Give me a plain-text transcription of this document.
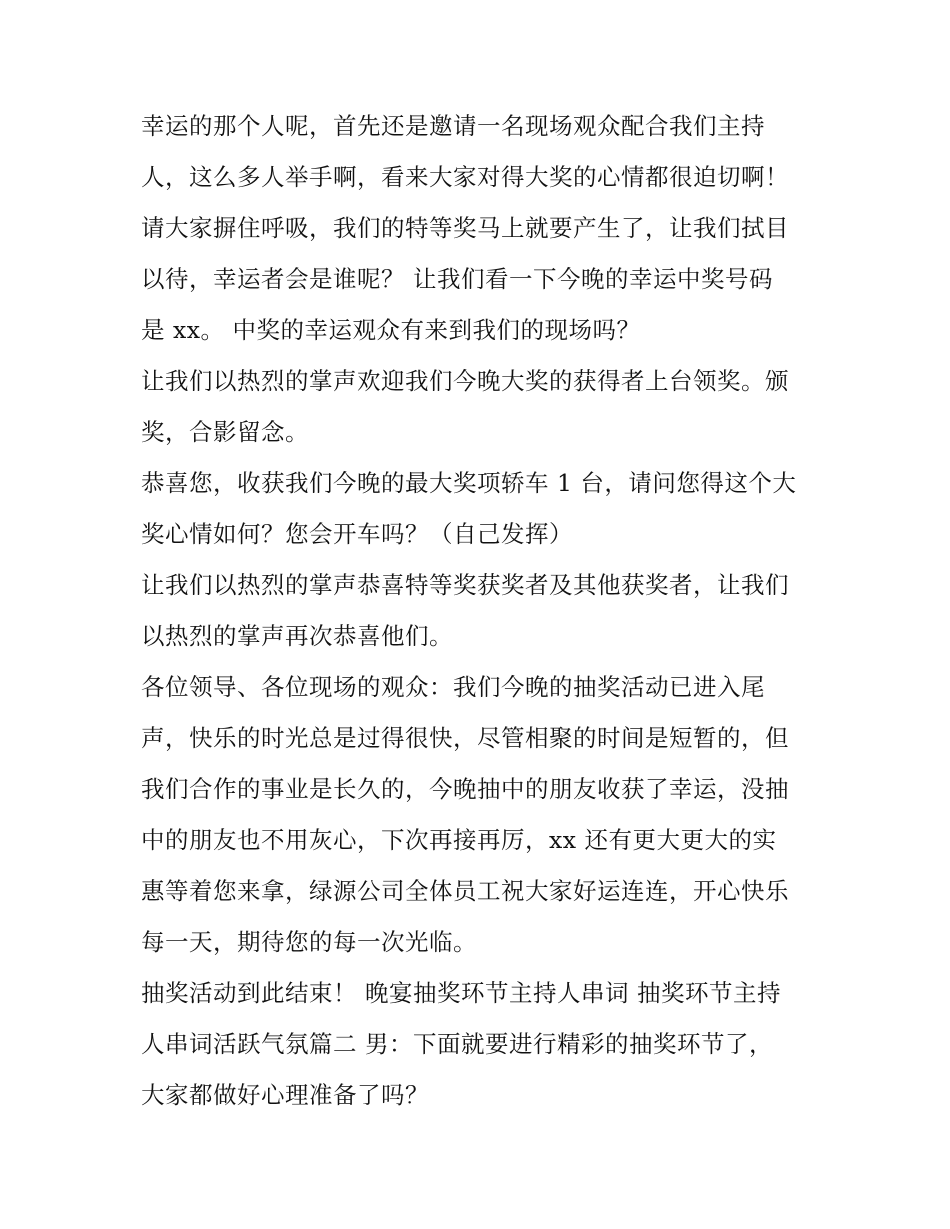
幸运的那个人呢，首先还是邀请一名现场观众配合我们主持
人，这么多人举手啊，看来大家对得大奖的心情都很迫切啊！
请大家摒住呼吸，我们的特等奖马上就要产生了，让我们拭目
以待，幸运者会是谁呢？ 让我们看一下今晚的幸运中奖号码
是 xx。 中奖的幸运观众有来到我们的现场吗？
让我们以热烈的掌声欢迎我们今晚大奖的获得者上台领奖。颁
奖，合影留念。
恭喜您，收获我们今晚的最大奖项轿车 1 台，请问您得这个大
奖心情如何？您会开车吗？（自己发挥）
让我们以热烈的掌声恭喜特等奖获奖者及其他获奖者，让我们
以热烈的掌声再次恭喜他们。
各位领导、各位现场的观众：我们今晚的抽奖活动已进入尾
声，快乐的时光总是过得很快，尽管相聚的时间是短暂的，但
我们合作的事业是长久的，今晚抽中的朋友收获了幸运，没抽
中的朋友也不用灰心，下次再接再厉，xx 还有更大更大的实
惠等着您来拿，绿源公司全体员工祝大家好运连连，开心快乐
每一天，期待您的每一次光临。
抽奖活动到此结束！ 晚宴抽奖环节主持人串词 抽奖环节主持
人串词活跃气氛篇二 男：下面就要进行精彩的抽奖环节了，
大家都做好心理准备了吗？
